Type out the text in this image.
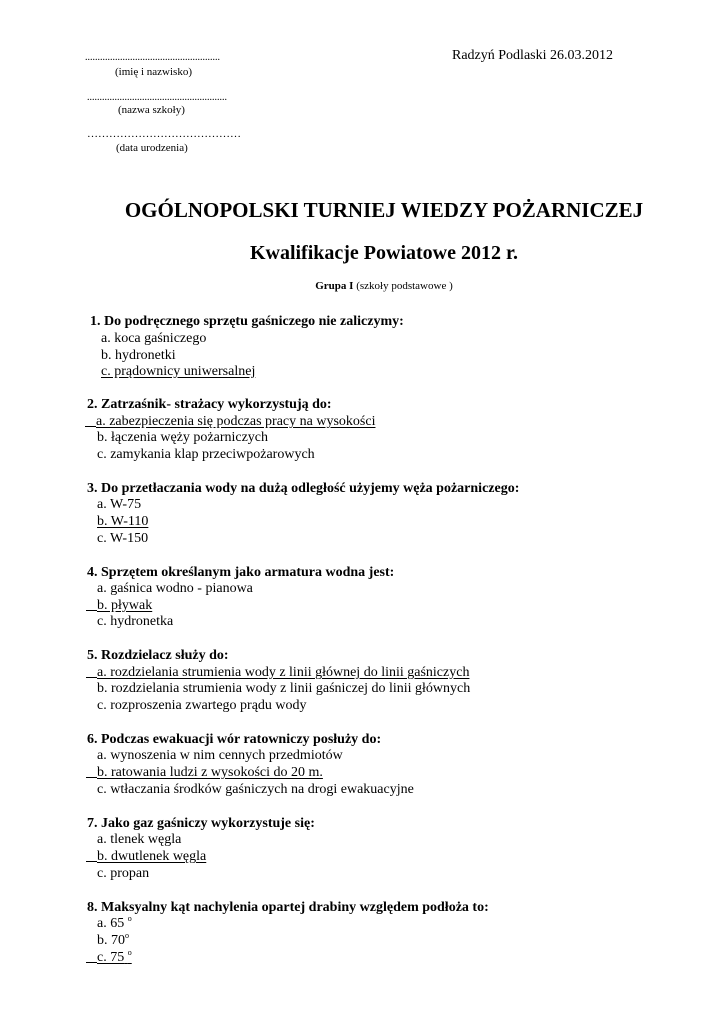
Radzyń Podlaski 26.03.2012
......................................................
(imię i nazwisko)
........................................................
(nazwa szkoły)
……………………………………
(data urodzenia)
OGÓLNOPOLSKI TURNIEJ WIEDZY POŻARNICZEJ
Kwalifikacje Powiatowe 2012 r.
Grupa I (szkoły podstawowe )
1. Do podręcznego sprzętu gaśniczego nie zaliczymy:
a. koca gaśniczego
b. hydronetki
c. prądownicy uniwersalnej
2. Zatrzaśnik- strażacy wykorzystują do:
a. zabezpieczenia się podczas pracy na wysokości
b. łączenia węży pożarniczych
c. zamykania klap przeciwpożarowych
3. Do przetłaczania wody na dużą odległość użyjemy węża pożarniczego:
a. W-75
b. W-110
c. W-150
4. Sprzętem określanym jako armatura wodna jest:
a. gaśnica wodno - pianowa
b. pływak
c. hydronetka
5. Rozdzielacz służy do:
a. rozdzielania strumienia wody z linii głównej do linii gaśniczych
b. rozdzielania strumienia wody z linii gaśniczej do linii głównych
c. rozproszenia zwartego prądu wody
6. Podczas ewakuacji wór ratowniczy posłuży do:
a. wynoszenia w nim cennych przedmiotów
b. ratowania ludzi z wysokości do 20 m.
c. wtłaczania środków gaśniczych na drogi ewakuacyjne
7. Jako gaz gaśniczy wykorzystuje się:
a. tlenek węgla
b. dwutlenek węgla
c. propan
8. Maksyalny kąt nachylenia opartej drabiny względem podłoża to:
a. 65 $^o$
b. 70$^o$
c. 75 $^o$
